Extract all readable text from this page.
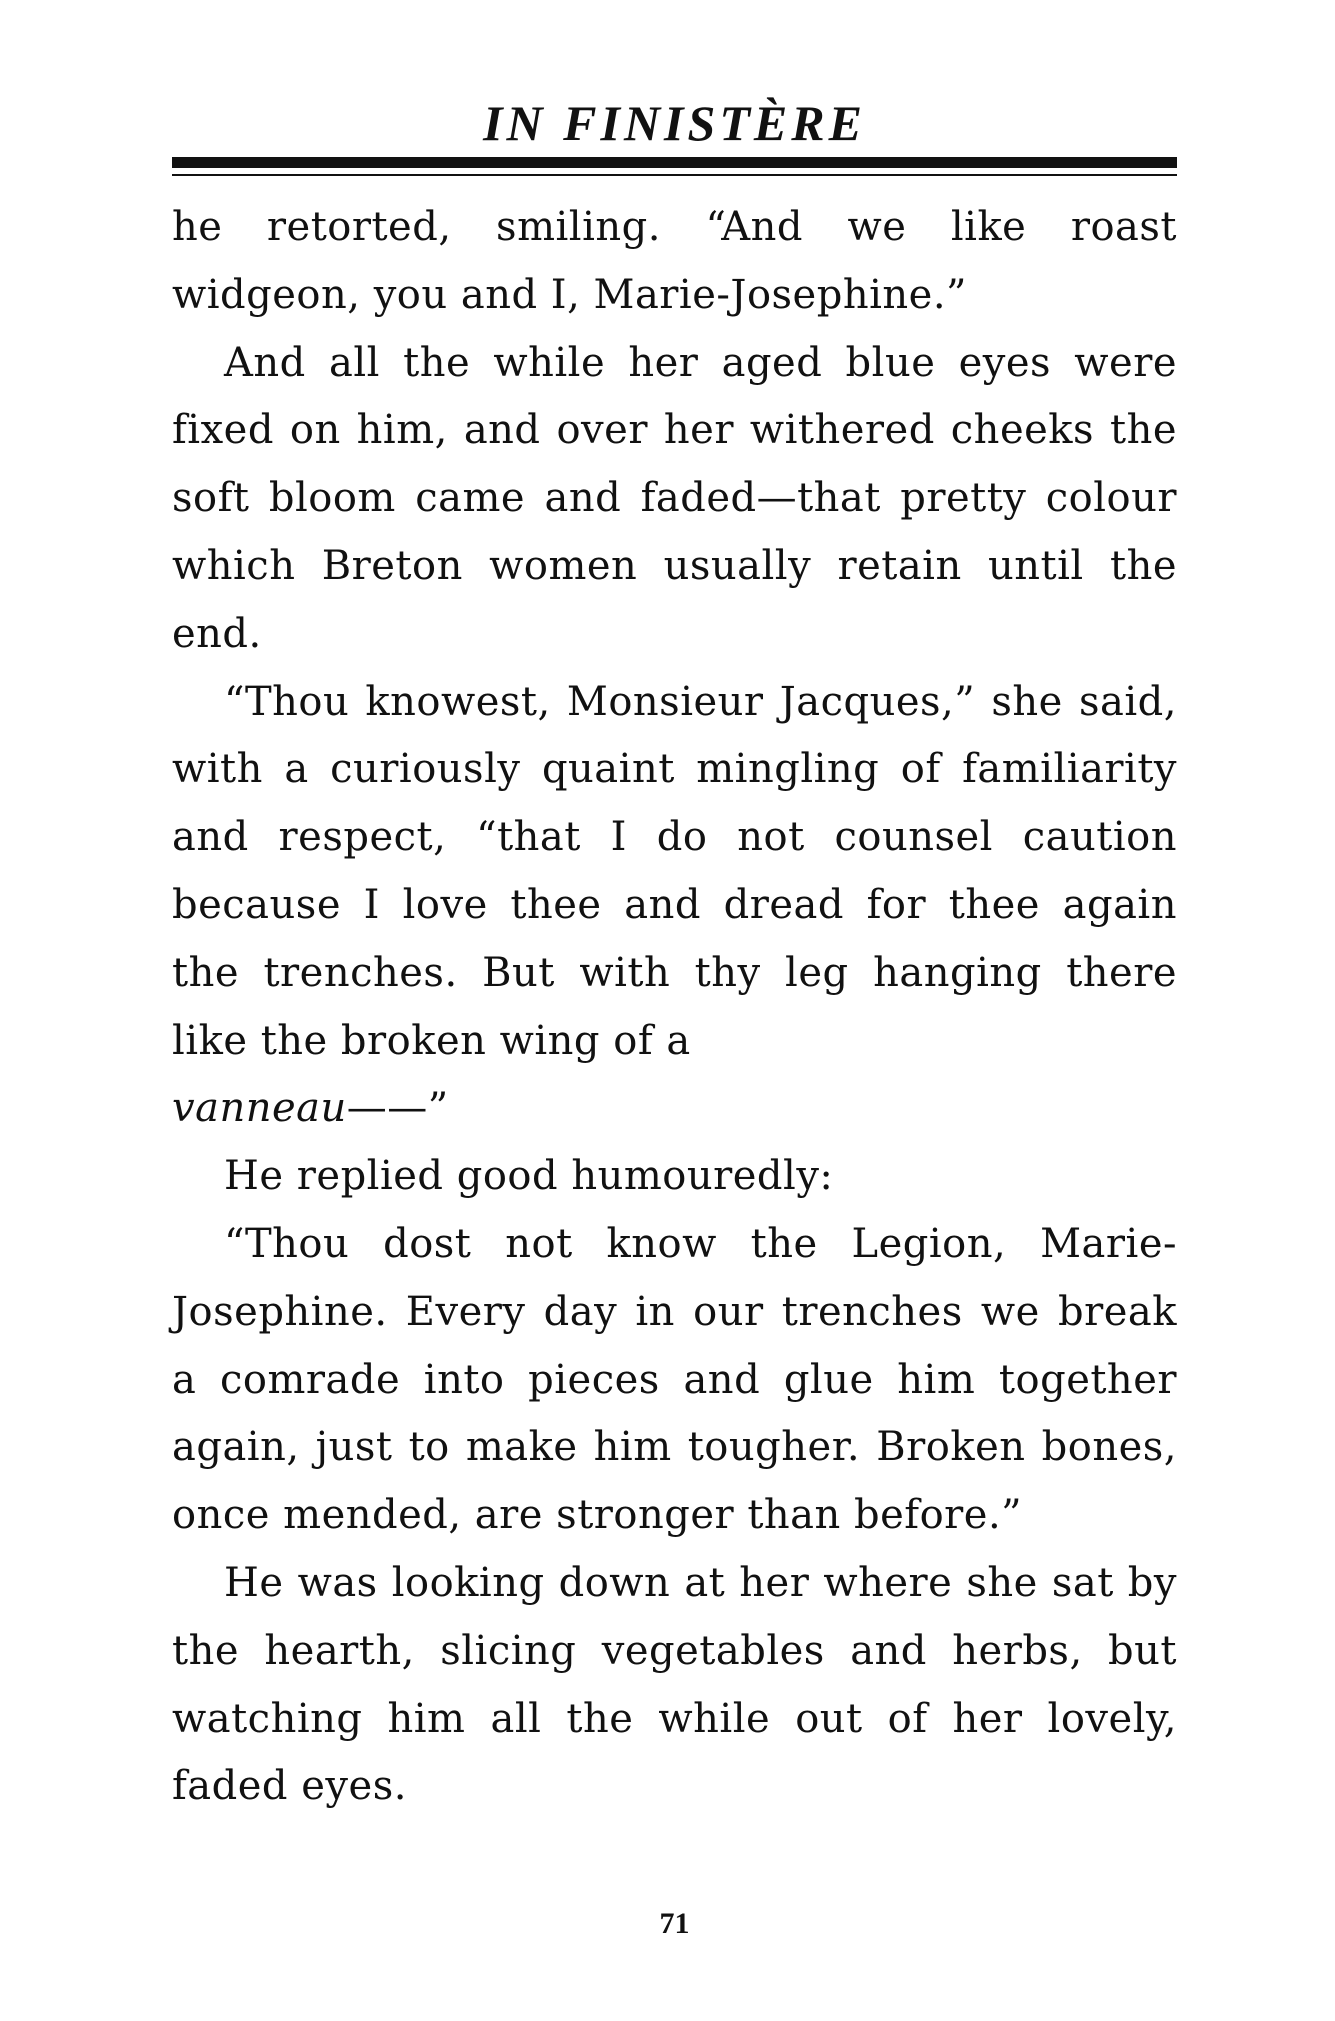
IN FINISTÈRE

he retorted, smiling. “And we like roast widgeon, you and I, Marie-Josephine.”

And all the while her aged blue eyes were fixed on him, and over her withered cheeks the soft bloom came and faded—that pretty colour which Breton women usually retain until the end.

“Thou knowest, Monsieur Jacques,” she said, with a curiously quaint mingling of familiarity and respect, “that I do not counsel caution because I love thee and dread for thee again the trenches. But with thy leg hanging there like the broken wing of a
vanneau——”

He replied good humouredly:

“Thou dost not know the Legion, Marie-Josephine. Every day in our trenches we break a comrade into pieces and glue him together again, just to make him tougher. Broken bones, once mended, are stronger than before.”

He was looking down at her where she sat by the hearth, slicing vegetables and herbs, but watching him all the while out of her lovely, faded eyes.

71
